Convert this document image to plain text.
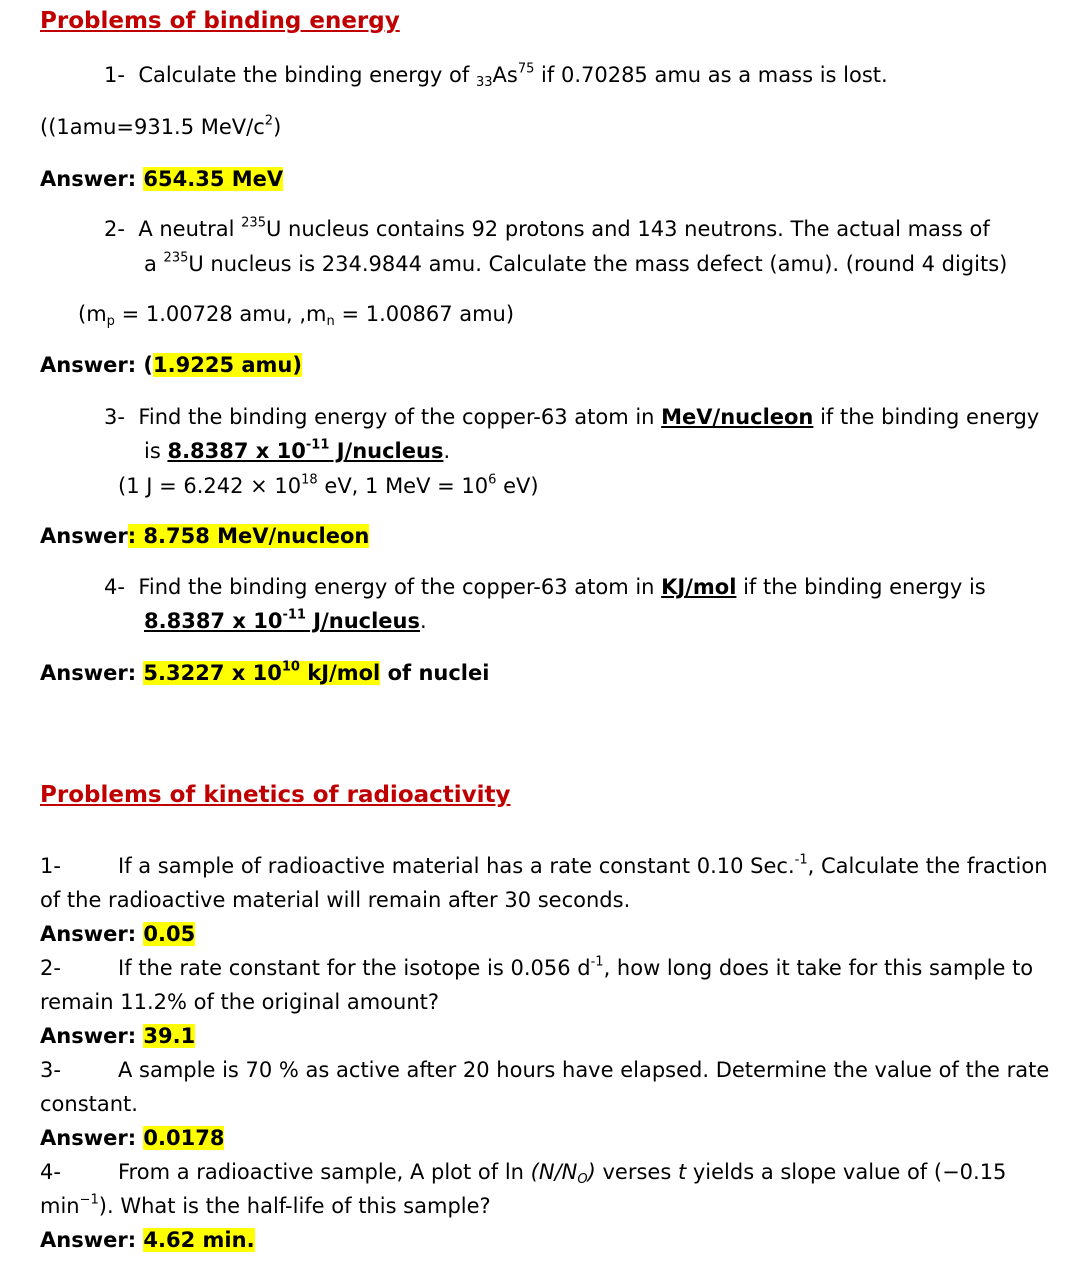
Problems of binding energy
1- Calculate the binding energy of $_{33}As^{75}$ if 0.70285 amu as a mass is lost.
((1amu=931.5 MeV/$c^2$)
Answer: 654.35 MeV
2- A neutral $^{235}$U nucleus contains 92 protons and 143 neutrons. The actual mass of
a $^{235}$U nucleus is 234.9844 amu. Calculate the mass defect (amu). (round 4 digits)
($m_p = 1.00728$ amu, $,m_n = 1.00867$ amu)
Answer: (1.9225 amu)
3- Find the binding energy of the copper-63 atom in MeV/nucleon if the binding energy
is 8.8387 x $10^{-11}$ J/nucleus.
(1 $J = 6.242 \times 10^{18}$ eV, 1 MeV = $10^6$ eV)
Answer: 8.758 MeV/nucleon
4- Find the binding energy of the copper-63 atom in KJ/mol if the binding energy is
8.8387 x $10^{-11}$ J/nucleus.
Answer: 5.3227 x $10^{10}$ kJ/mol of nuclei
Problems of kinetics of radioactivity
1-	If a sample of radioactive material has a rate constant 0.10 Sec.$^{-1}$, Calculate the fraction
of the radioactive material will remain after 30 seconds.
Answer: 0.05
2-	If the rate constant for the isotope is 0.056 $d^{-1}$, how long does it take for this sample to
remain 11.2% of the original amount?
Answer: 39.1
3-	A sample is 70 % as active after 20 hours have elapsed. Determine the value of the rate
constant.
Answer: 0.0178
4-	From a radioactive sample, A plot of $\ln (N/N_O)$ verses t yields a slope value of (−0.15
$\min^{-1}$). What is the half-life of this sample?
Answer: 4.62 min.
